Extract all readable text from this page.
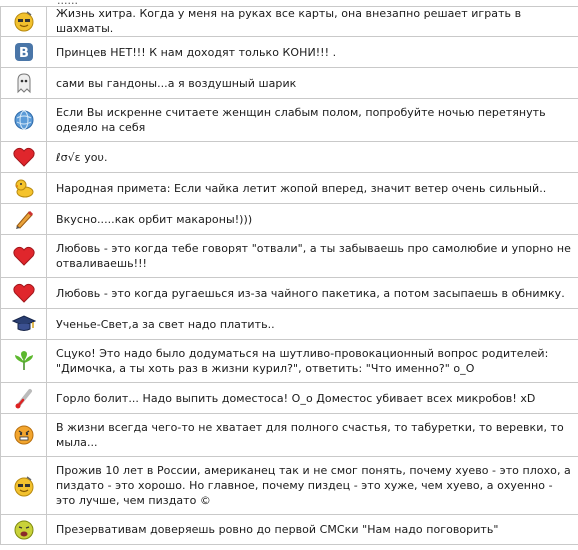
......
Жизнь хитра. Когда у меня на руках все карты, она внезапно решает играть в шахматы.
В	Принцев НЕТ!!! К нам доходят только КОНИ!!! .
сами вы гандоны...а я воздушный шарик
Если Вы искренне считаете женщин слабым полом, попробуйте ночью перетянуть одеяло на себя
ℓσ√ε уоυ.
Народная примета: Если чайка летит жопой вперед, значит ветер очень сильный..
Вкусно.....как орбит макароны!)))
Любовь - это когда тебе говорят "отвали", а ты забываешь про самолюбие и упорно не отваливаешь!!!
Любовь - это когда ругаешься из-за чайного пакетика, а потом засыпаешь в обнимку.
Ученье-Свет,а за свет надо платить..
Сцуко! Это надо было додуматься на шутливо-провокационный вопрос родителей: "Димочка, а ты хоть раз в жизни курил?", ответить: "Что именно?" о_О
Горло болит... Надо выпить доместоса! О_о Доместос убивает всех микробов! xD
В жизни всегда чего-то не хватает для полного счастья, то табуретки, то веревки, то мыла...
Прожив 10 лет в России, американец так и не смог понять, почему хуево - это плохо, а пиздато - это хорошо. Но главное, почему пиздец - это хуже, чем хуево, а охуенно - это лучше, чем пиздато ©
Презервативам доверяешь ровно до первой СМСки "Нам надо поговорить"
